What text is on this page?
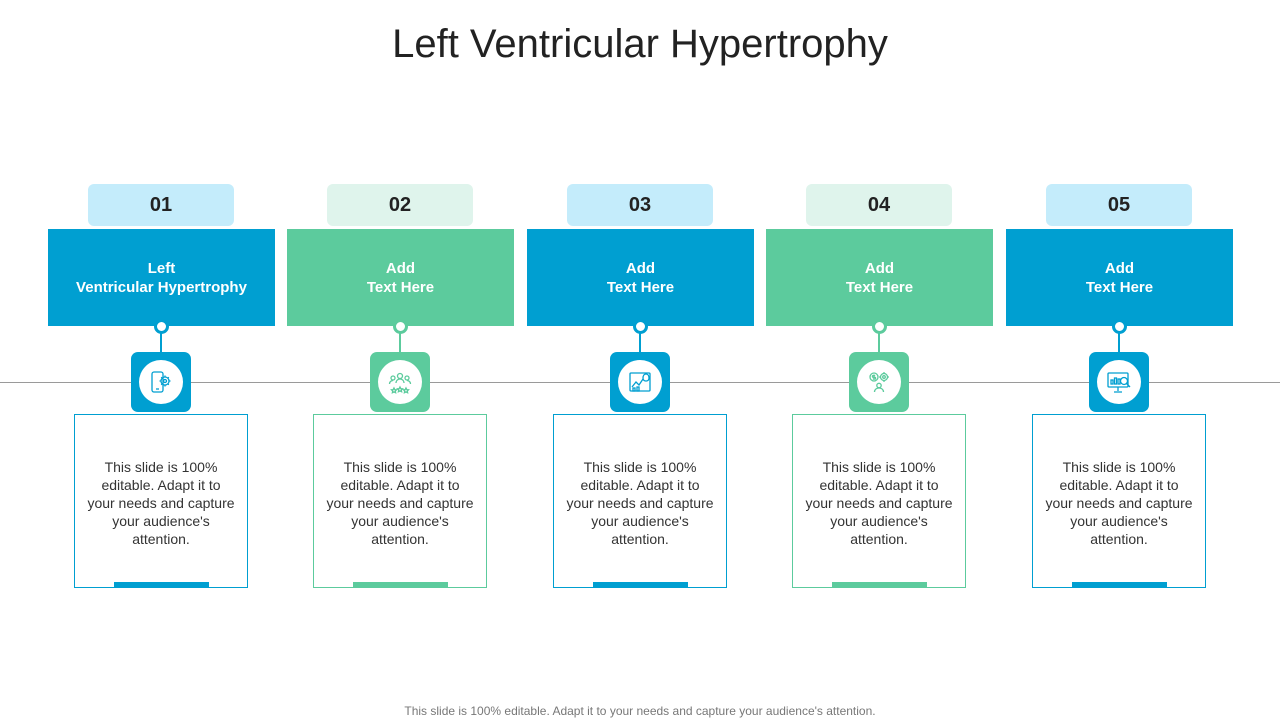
Left Ventricular Hypertrophy
01
Left
Ventricular Hypertrophy
This slide is 100% editable. Adapt it to your needs and capture your audience's attention.
02
Add
Text Here
This slide is 100% editable. Adapt it to your needs and capture your audience's attention.
03
Add
Text Here
This slide is 100% editable. Adapt it to your needs and capture your audience's attention.
04
Add
Text Here
This slide is 100% editable. Adapt it to your needs and capture your audience's attention.
05
Add
Text Here
This slide is 100% editable. Adapt it to your needs and capture your audience's attention.
This slide is 100% editable. Adapt it to your needs and capture your audience's attention.
